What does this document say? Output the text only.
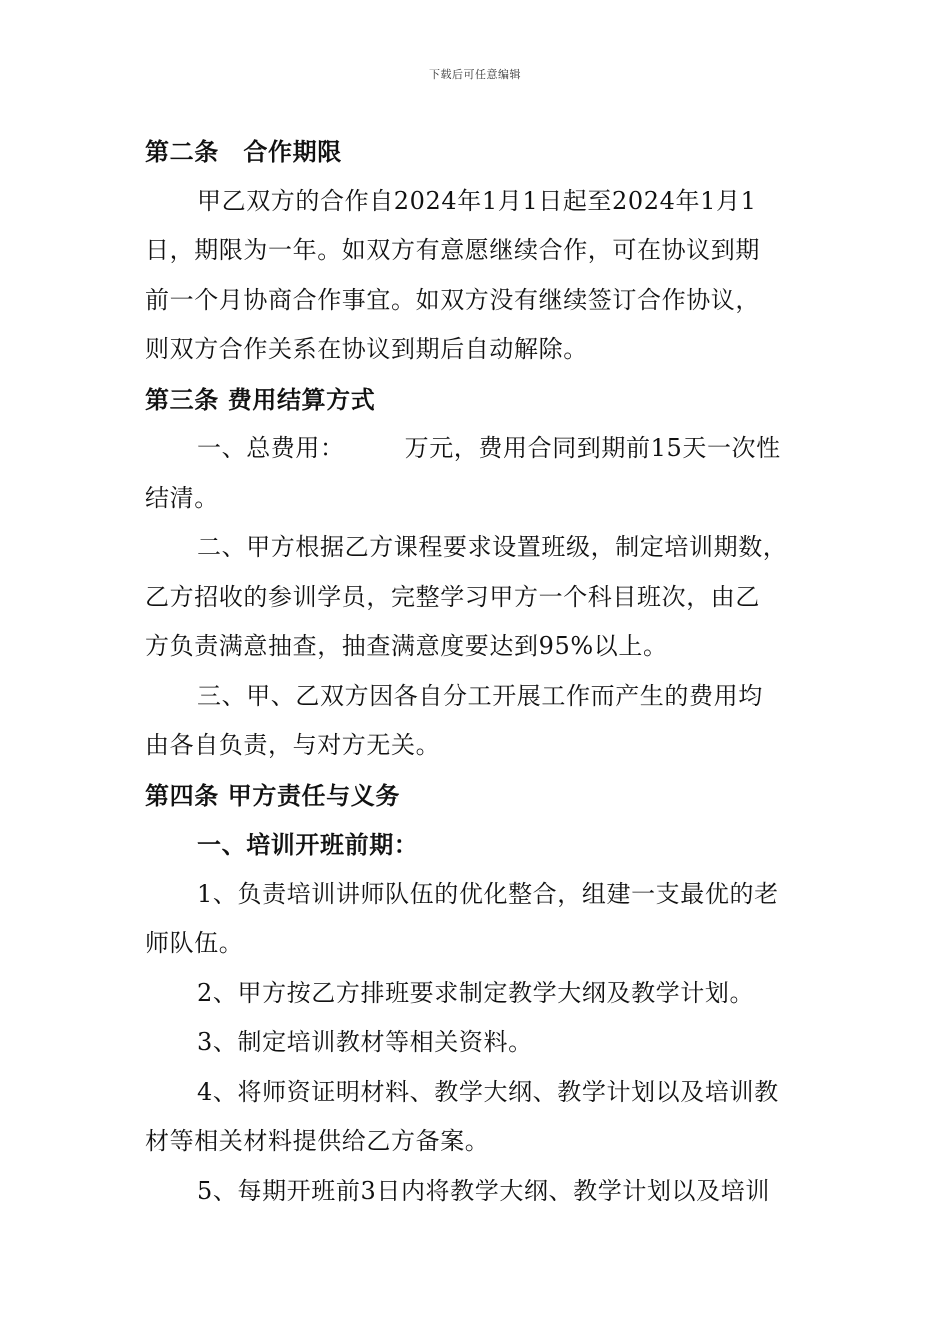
下载后可任意编辑
第二条　合作期限
甲乙双方的合作自2024年1月1日起至2024年1月1
日，期限为一年。如双方有意愿继续合作，可在协议到期
前一个月协商合作事宜。如双方没有继续签订合作协议，
则双方合作关系在协议到期后自动解除。
第三条 费用结算方式
一、总费用：	万元，费用合同到期前15天一次性
结清。
二、甲方根据乙方课程要求设置班级，制定培训期数，
乙方招收的参训学员，完整学习甲方一个科目班次，由乙
方负责满意抽查，抽查满意度要达到95%以上。
三、甲、乙双方因各自分工开展工作而产生的费用均
由各自负责，与对方无关。
第四条 甲方责任与义务
一、培训开班前期：
1、负责培训讲师队伍的优化整合，组建一支最优的老
师队伍。
2、甲方按乙方排班要求制定教学大纲及教学计划。
3、制定培训教材等相关资料。
4、将师资证明材料、教学大纲、教学计划以及培训教
材等相关材料提供给乙方备案。
5、每期开班前3日内将教学大纲、教学计划以及培训
